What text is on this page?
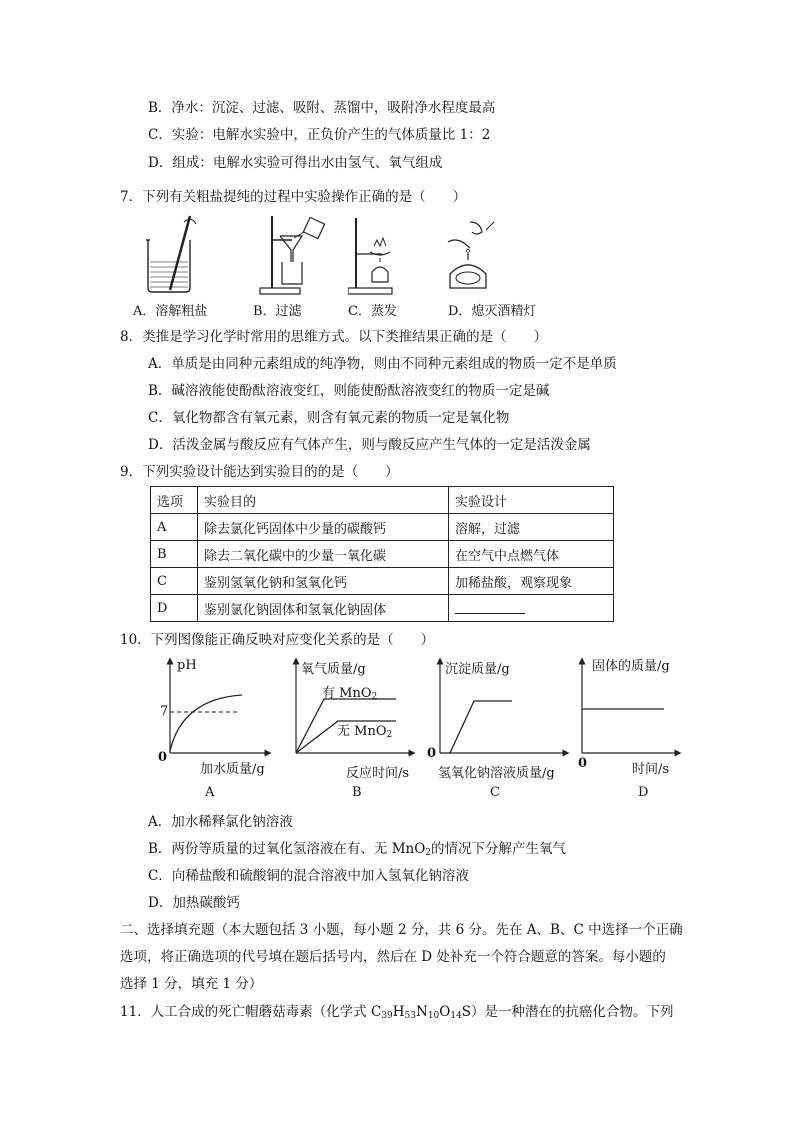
B．净水：沉淀、过滤、吸附、蒸馏中，吸附净水程度最高
C．实验：电解水实验中，正负价产生的气体质量比 1：2
D．组成：电解水实验可得出水由氢气、氧气组成
7．下列有关粗盐提纯的过程中实验操作正确的是（　　）
A．溶解粗盐	B．过滤	C．蒸发	D．熄灭酒精灯
8．类推是学习化学时常用的思维方式。以下类推结果正确的是（　　）
A．单质是由同种元素组成的纯净物，则由不同种元素组成的物质一定不是单质
B．碱溶液能使酚酞溶液变红，则能使酚酞溶液变红的物质一定是碱
C．氧化物都含有氧元素，则含有氧元素的物质一定是氧化物
D．活泼金属与酸反应有气体产生，则与酸反应产生气体的一定是活泼金属
9．下列实验设计能达到实验目的的是（　　）
选项	实验目的	实验设计
A	除去氯化钙固体中少量的碳酸钙	溶解，过滤
B	除去二氧化碳中的少量一氧化碳	在空气中点燃气体
C	鉴别氢氧化钠和氢氧化钙	加稀盐酸，观察现象
D	鉴别氯化钠固体和氢氧化钠固体	
10．下列图像能正确反映对应变化关系的是（　　）
pH
7
0
加水质量/g
A
氧气质量/g
有 MnO$_2$
无 MnO$_2$
反应时间/s
B
沉淀质量/g
0
氢氧化钠溶液质量/g
C
固体的质量/g
0	时间/s
D
A．加水稀释氯化钠溶液
B．两份等质量的过氧化氢溶液在有、无 MnO$_2$的情况下分解产生氧气
C．向稀盐酸和硫酸铜的混合溶液中加入氢氧化钠溶液
D．加热碳酸钙
二、选择填充题（本大题包括 3 小题，每小题 2 分，共 6 分。先在 A、B、C 中选择一个正确
选项，将正确选项的代号填在题后括号内，然后在 D 处补充一个符合题意的答案。每小题的
选择 1 分，填充 1 分）
11．人工合成的死亡帽蘑菇毒素（化学式 $C_{39}H_{53}N_{10}O_{14}S$）是一种潜在的抗癌化合物。下列
